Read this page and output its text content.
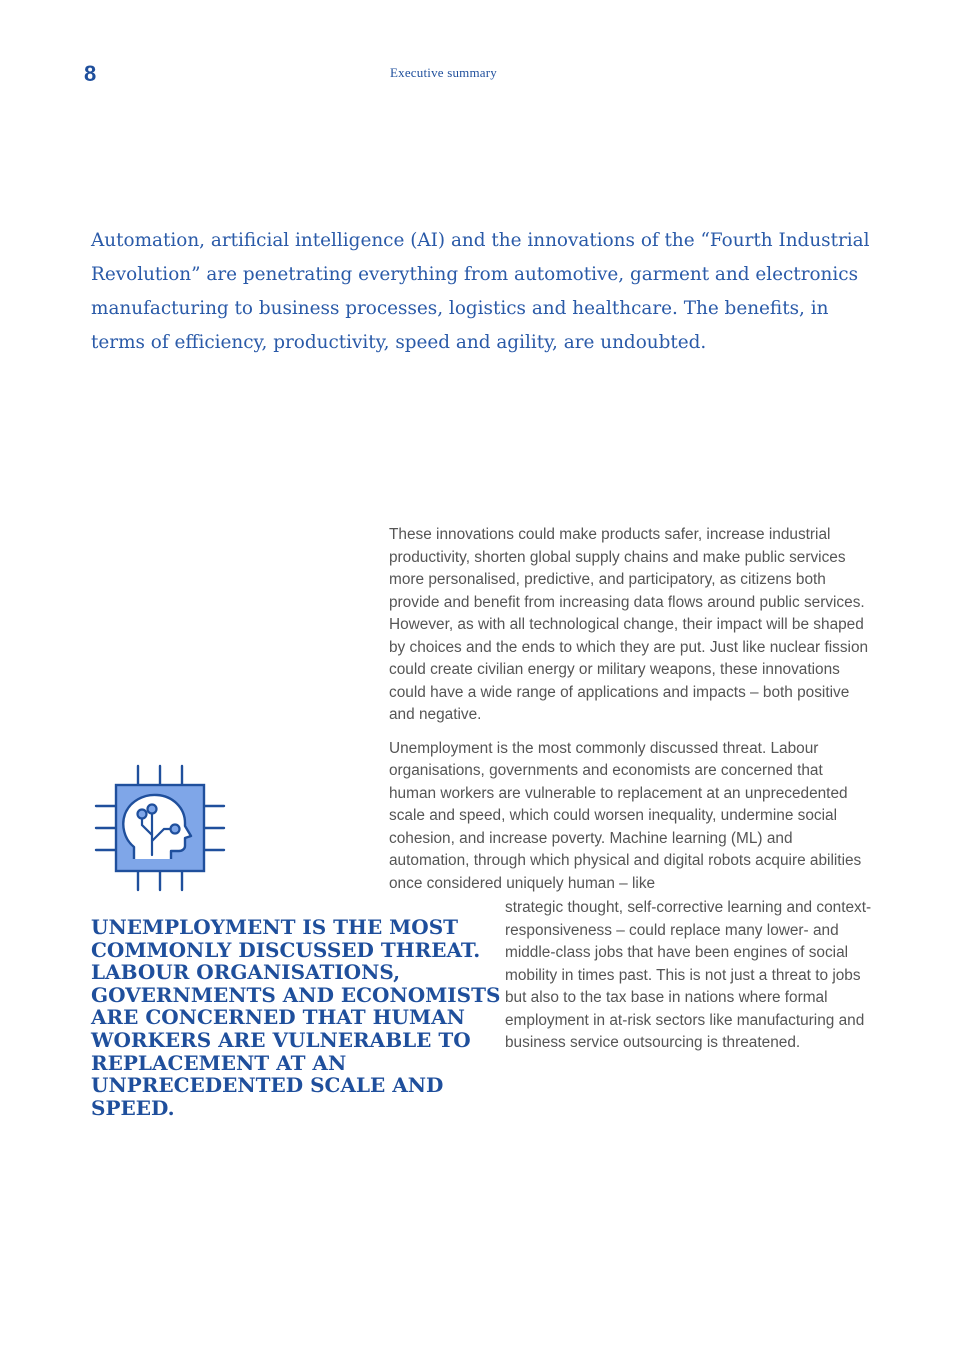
8	Executive summary

Automation, artificial intelligence (AI) and the innovations of the “Fourth Industrial Revolution” are penetrating everything from automotive, garment and electronics manufacturing to business processes, logistics and healthcare. The benefits, in terms of efficiency, productivity, speed and agility, are undoubted.

These innovations could make products safer, increase industrial productivity, shorten global supply chains and make public services more personalised, predictive, and participatory, as citizens both provide and benefit from increasing data flows around public services. However, as with all technological change, their impact will be shaped by choices and the ends to which they are put. Just like nuclear fission could create civilian energy or military weapons, these innovations could have a wide range of applications and impacts – both positive and negative.

Unemployment is the most commonly discussed threat. Labour organisations, governments and economists are concerned that human workers are vulnerable to replacement at an unprecedented scale and speed, which could worsen inequality, undermine social cohesion, and increase poverty. Machine learning (ML) and automation, through which physical and digital robots acquire abilities once considered uniquely human – like

strategic thought, self-corrective learning and context-responsiveness – could replace many lower- and middle-class jobs that have been engines of social mobility in times past. This is not just a threat to jobs but also to the tax base in nations where formal employment in at-risk sectors like manufacturing and business service outsourcing is threatened.

UNEMPLOYMENT IS THE MOST COMMONLY DISCUSSED THREAT. LABOUR ORGANISATIONS, GOVERNMENTS AND ECONOMISTS ARE CONCERNED THAT HUMAN WORKERS ARE VULNERABLE TO REPLACEMENT AT AN UNPRECEDENTED SCALE AND SPEED.
